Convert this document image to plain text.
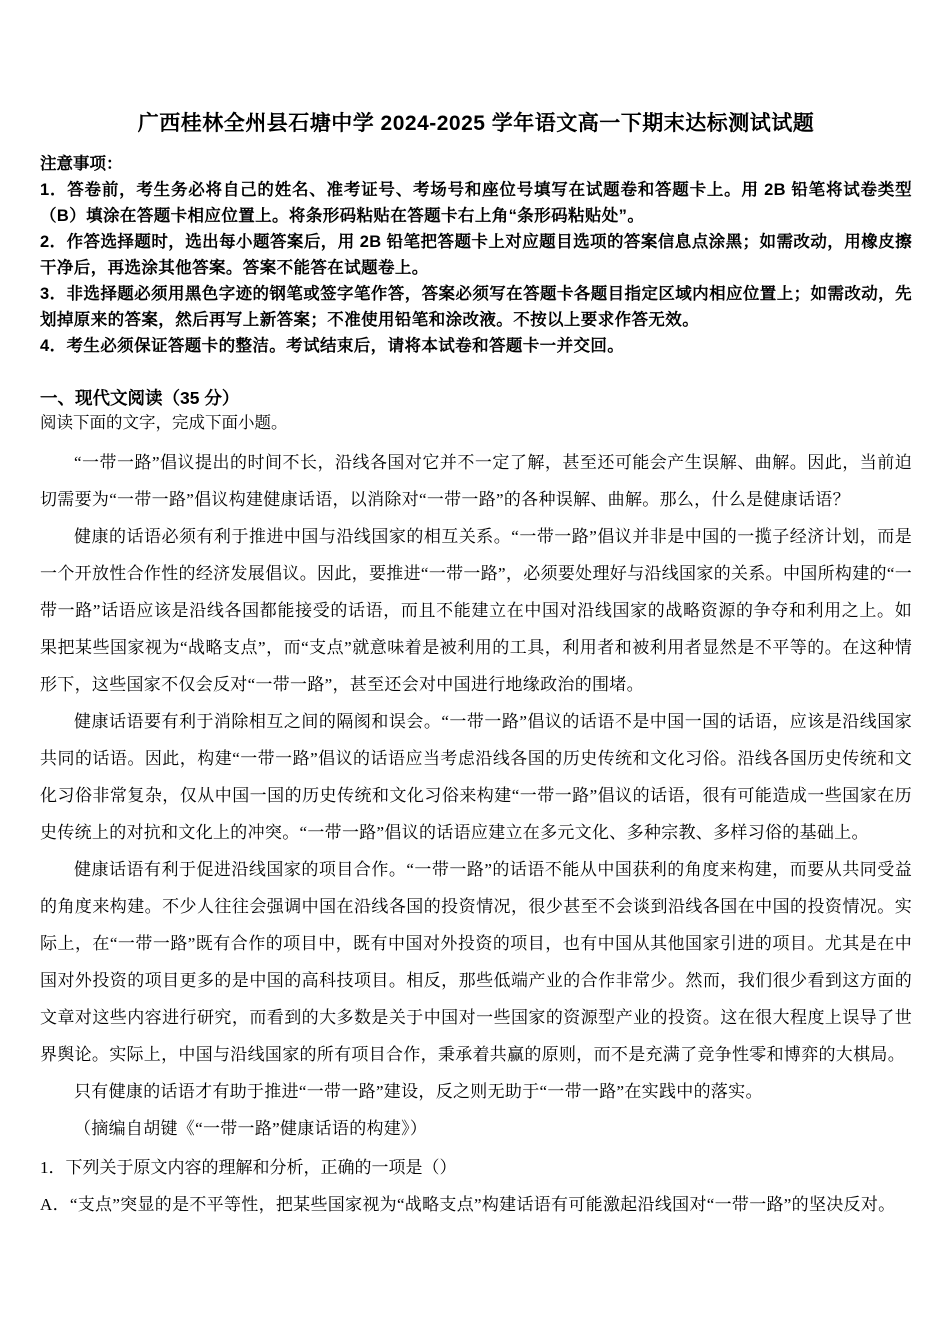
广西桂林全州县石塘中学 2024-2025 学年语文高一下期末达标测试试题

注意事项：

1．答卷前，考生务必将自己的姓名、准考证号、考场号和座位号填写在试题卷和答题卡上。用 2B 铅笔将试卷类型（B）填涂在答题卡相应位置上。将条形码粘贴在答题卡右上角“条形码粘贴处”。

2．作答选择题时，选出每小题答案后，用 2B 铅笔把答题卡上对应题目选项的答案信息点涂黑；如需改动，用橡皮擦干净后，再选涂其他答案。答案不能答在试题卷上。

3．非选择题必须用黑色字迹的钢笔或签字笔作答，答案必须写在答题卡各题目指定区域内相应位置上；如需改动，先划掉原来的答案，然后再写上新答案；不准使用铅笔和涂改液。不按以上要求作答无效。

4．考生必须保证答题卡的整洁。考试结束后，请将本试卷和答题卡一并交回。

一、现代文阅读（35 分）

阅读下面的文字，完成下面小题。

“一带一路”倡议提出的时间不长，沿线各国对它并不一定了解，甚至还可能会产生误解、曲解。因此，当前迫切需要为“一带一路”倡议构建健康话语，以消除对“一带一路”的各种误解、曲解。那么，什么是健康话语？

健康的话语必须有利于推进中国与沿线国家的相互关系。“一带一路”倡议并非是中国的一揽子经济计划，而是一个开放性合作性的经济发展倡议。因此，要推进“一带一路”，必须要处理好与沿线国家的关系。中国所构建的“一带一路”话语应该是沿线各国都能接受的话语，而且不能建立在中国对沿线国家的战略资源的争夺和利用之上。如果把某些国家视为“战略支点”，而“支点”就意味着是被利用的工具，利用者和被利用者显然是不平等的。在这种情形下，这些国家不仅会反对“一带一路”，甚至还会对中国进行地缘政治的围堵。

健康话语要有利于消除相互之间的隔阂和误会。“一带一路”倡议的话语不是中国一国的话语，应该是沿线国家共同的话语。因此，构建“一带一路”倡议的话语应当考虑沿线各国的历史传统和文化习俗。沿线各国历史传统和文化习俗非常复杂，仅从中国一国的历史传统和文化习俗来构建“一带一路”倡议的话语，很有可能造成一些国家在历史传统上的对抗和文化上的冲突。“一带一路”倡议的话语应建立在多元文化、多种宗教、多样习俗的基础上。

健康话语有利于促进沿线国家的项目合作。“一带一路”的话语不能从中国获利的角度来构建，而要从共同受益的角度来构建。不少人往往会强调中国在沿线各国的投资情况，很少甚至不会谈到沿线各国在中国的投资情况。实际上，在“一带一路”既有合作的项目中，既有中国对外投资的项目，也有中国从其他国家引进的项目。尤其是在中国对外投资的项目更多的是中国的高科技项目。相反，那些低端产业的合作非常少。然而，我们很少看到这方面的文章对这些内容进行研究，而看到的大多数是关于中国对一些国家的资源型产业的投资。这在很大程度上误导了世界舆论。实际上，中国与沿线国家的所有项目合作，秉承着共赢的原则，而不是充满了竞争性零和博弈的大棋局。

只有健康的话语才有助于推进“一带一路”建设，反之则无助于“一带一路”在实践中的落实。

（摘编自胡键《“一带一路”健康话语的构建》）

1．下列关于原文内容的理解和分析，正确的一项是（）

A．“支点”突显的是不平等性，把某些国家视为“战略支点”构建话语有可能激起沿线国对“一带一路”的坚决反对。
